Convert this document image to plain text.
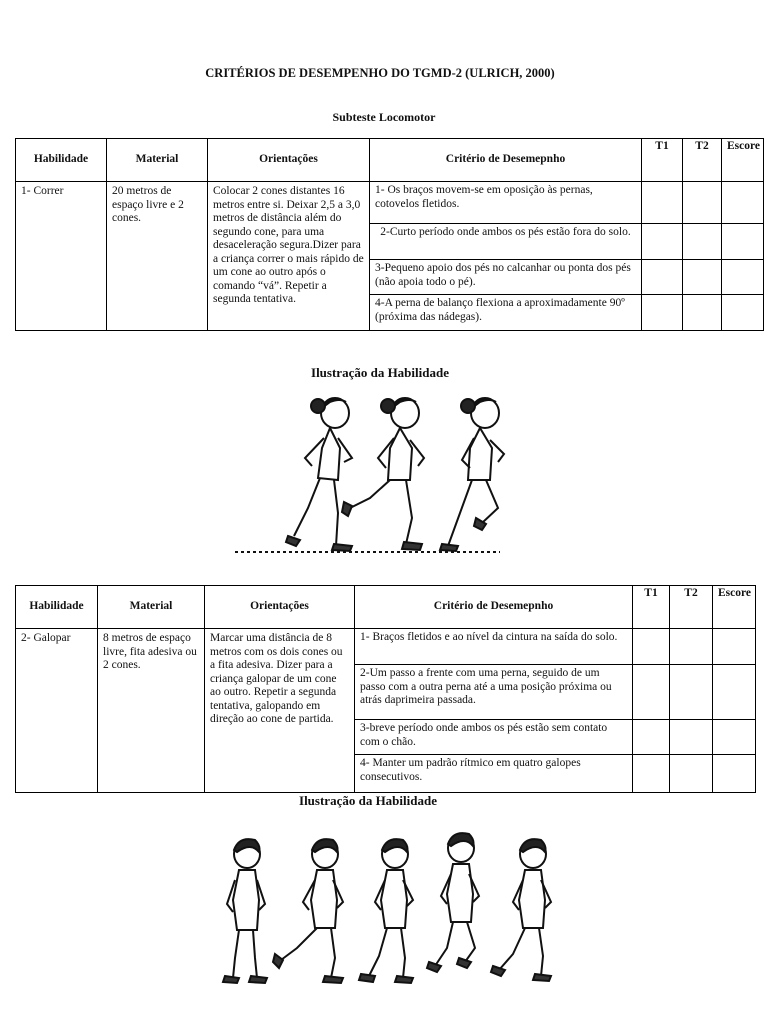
CRITÉRIOS DE DESEMPENHO DO TGMD-2 (ULRICH, 2000)
Subteste Locomotor
Habilidade	Material	Orientações	Critério de Desemepnho	T1	T2	Escore
1- Correr	20 metros de espaço livre e 2 cones.	Colocar 2 cones distantes 16 metros entre si. Deixar 2,5 a 3,0 metros de distância além do segundo cone, para uma desaceleração segura.Dizer para a criança correr o mais rápido de um cone ao outro após o comando “vá”. Repetir a segunda tentativa.	1- Os braços movem-se em oposição às pernas, cotovelos fletidos.			
			2-Curto período onde ambos os pés estão fora do solo.			
			3-Pequeno apoio dos pés no calcanhar ou ponta dos pés (não apoia todo o pé).			
			4-A perna de balanço flexiona a aproximadamente 90º (próxima das nádegas).			
Ilustração da Habilidade
Habilidade	Material	Orientações	Critério de Desemepnho	T1	T2	Escore
2- Galopar	8 metros de espaço livre, fita adesiva ou 2 cones.	Marcar uma distância de 8 metros com os dois cones ou a fita adesiva. Dizer para a criança galopar de um cone ao outro. Repetir a segunda tentativa, galopando em direção ao cone de partida.	1- Braços fletidos e ao nível da cintura na saída do solo.			
			2-Um passo a frente com uma perna, seguido de um passo com a outra perna até a uma posição próxima ou atrás daprimeira passada.			
			3-breve período onde ambos os pés estão sem contato com o chão.			
			4- Manter um padrão rítmico em quatro galopes consecutivos.			
Ilustração da Habilidade
